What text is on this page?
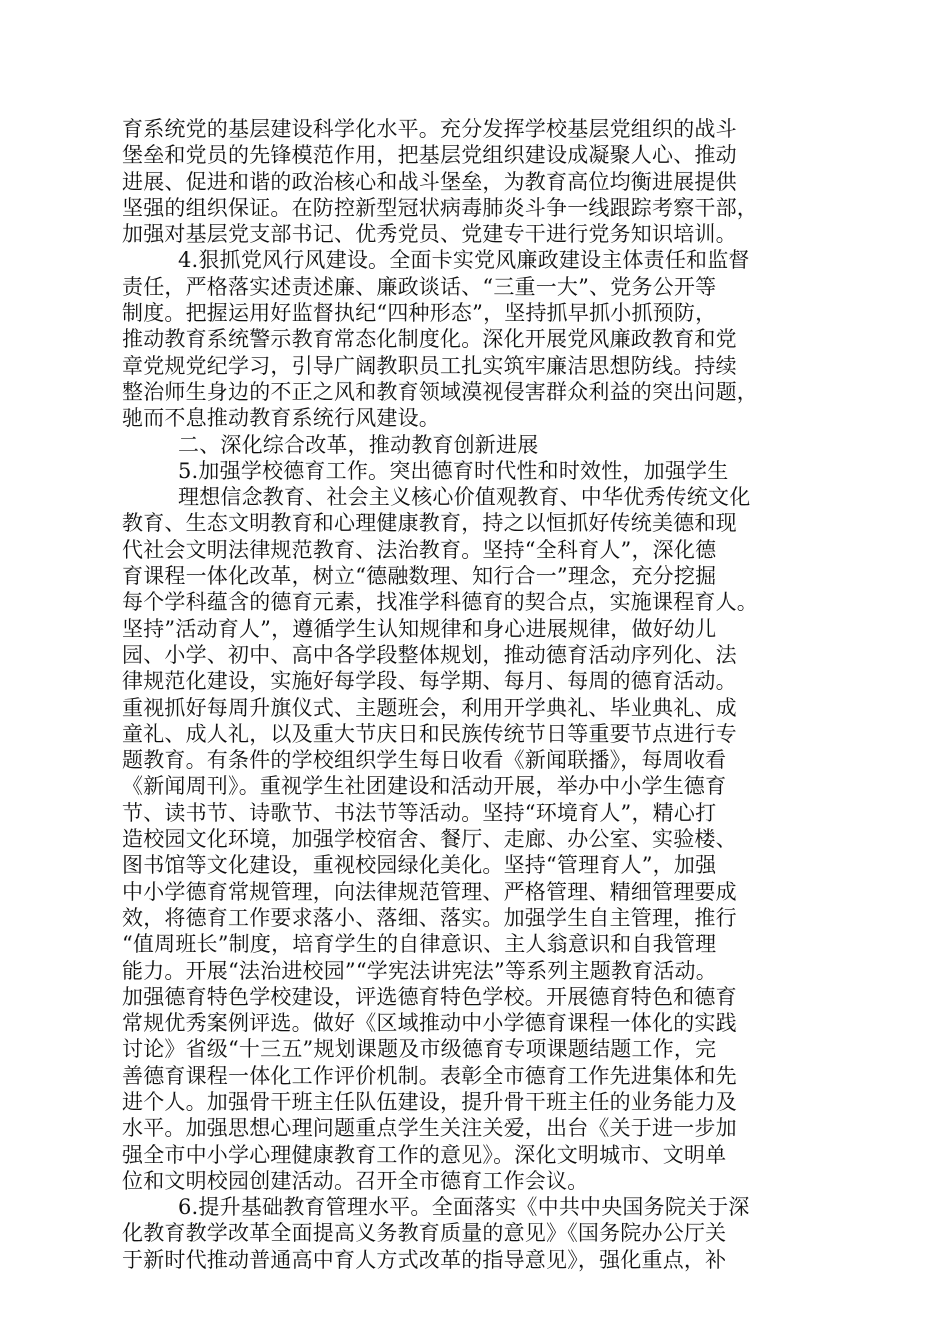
育系统党的基层建设科学化水平。充分发挥学校基层党组织的战斗
堡垒和党员的先锋模范作用，把基层党组织建设成凝聚人心、推动
进展、促进和谐的政治核心和战斗堡垒，为教育高位均衡进展提供
坚强的组织保证。在防控新型冠状病毒肺炎斗争一线跟踪考察干部，
加强对基层党支部书记、优秀党员、党建专干进行党务知识培训。
4.狠抓党风行风建设。全面卡实党风廉政建设主体责任和监督
责任，严格落实述责述廉、廉政谈话、“三重一大”、党务公开等
制度。把握运用好监督执纪“四种形态”，坚持抓早抓小抓预防，
推动教育系统警示教育常态化制度化。深化开展党风廉政教育和党
章党规党纪学习，引导广阔教职员工扎实筑牢廉洁思想防线。持续
整治师生身边的不正之风和教育领域漠视侵害群众利益的突出问题，
驰而不息推动教育系统行风建设。
二、深化综合改革，推动教育创新进展
5.加强学校德育工作。突出德育时代性和时效性，加强学生
理想信念教育、社会主义核心价值观教育、中华优秀传统文化
教育、生态文明教育和心理健康教育，持之以恒抓好传统美德和现
代社会文明法律规范教育、法治教育。坚持“全科育人”，深化德
育课程一体化改革，树立“德融数理、知行合一”理念，充分挖掘
每个学科蕴含的德育元素，找准学科德育的契合点，实施课程育人。
坚持”活动育人”，遵循学生认知规律和身心进展规律，做好幼儿
园、小学、初中、高中各学段整体规划，推动德育活动序列化、法
律规范化建设，实施好每学段、每学期、每月、每周的德育活动。
重视抓好每周升旗仪式、主题班会，利用开学典礼、毕业典礼、成
童礼、成人礼，以及重大节庆日和民族传统节日等重要节点进行专
题教育。有条件的学校组织学生每日收看《新闻联播》，每周收看
《新闻周刊》。重视学生社团建设和活动开展，举办中小学生德育
节、读书节、诗歌节、书法节等活动。坚持“环境育人”，精心打
造校园文化环境，加强学校宿舍、餐厅、走廊、办公室、实验楼、
图书馆等文化建设，重视校园绿化美化。坚持“管理育人”，加强
中小学德育常规管理，向法律规范管理、严格管理、精细管理要成
效，将德育工作要求落小、落细、落实。加强学生自主管理，推行
“值周班长”制度，培育学生的自律意识、主人翁意识和自我管理
能力。开展“法治进校园”“学宪法讲宪法”等系列主题教育活动。
加强德育特色学校建设，评选德育特色学校。开展德育特色和德育
常规优秀案例评选。做好《区域推动中小学德育课程一体化的实践
讨论》省级“十三五”规划课题及市级德育专项课题结题工作，完
善德育课程一体化工作评价机制。表彰全市德育工作先进集体和先
进个人。加强骨干班主任队伍建设，提升骨干班主任的业务能力及
水平。加强思想心理问题重点学生关注关爱，出台《关于进一步加
强全市中小学心理健康教育工作的意见》。深化文明城市、文明单
位和文明校园创建活动。召开全市德育工作会议。
6.提升基础教育管理水平。全面落实《中共中央国务院关于深
化教育教学改革全面提高义务教育质量的意见》《国务院办公厅关
于新时代推动普通高中育人方式改革的指导意见》，强化重点，补
